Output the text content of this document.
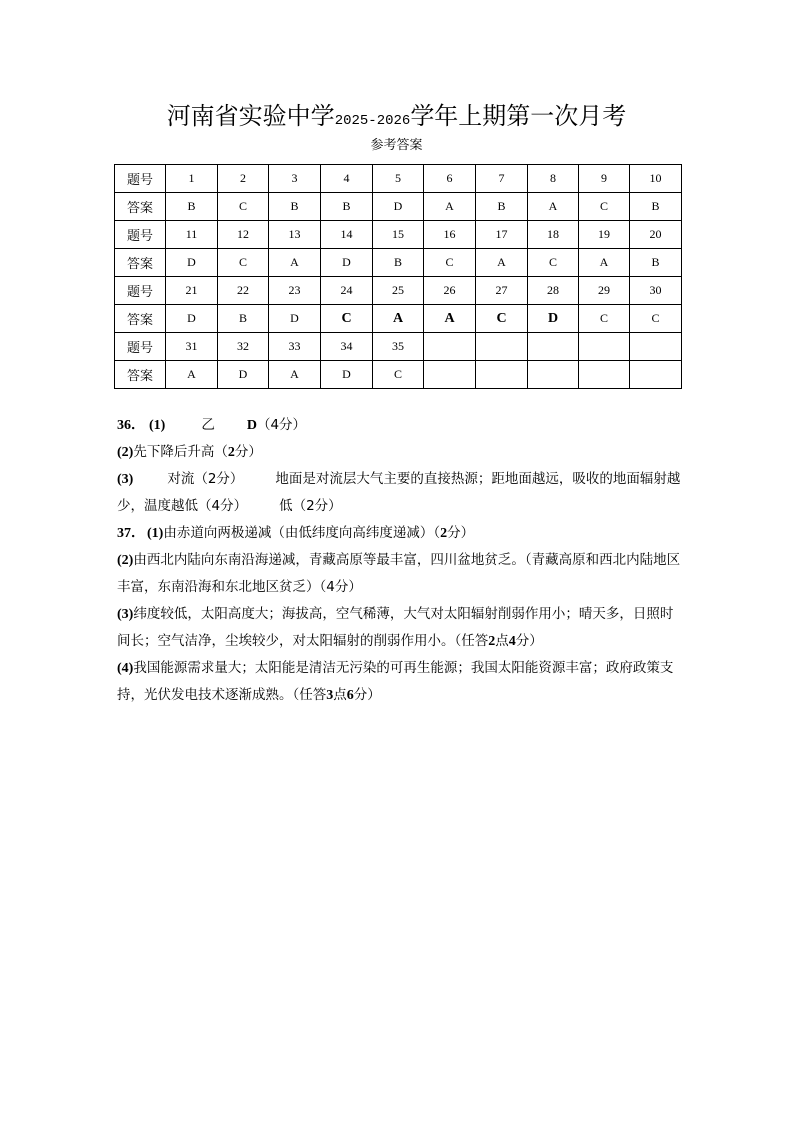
河南省实验中学2025-2026学年上期第一次月考
参考答案
题号	1	2	3	4	5	6	7	8	9	10
答案	B	C	B	B	D	A	B	A	C	B
题号	11	12	13	14	15	16	17	18	19	20
答案	D	C	A	D	B	C	A	C	A	B
题号	21	22	23	24	25	26	27	28	29	30
答案	D	B	D	C	A	A	C	D	C	C
题号	31	32	33	34	35					
答案	A	D	A	D	C					

36． (1)	乙 D（4分）

(2)先下降后升高（2分）

(3)	对流（2分） 地面是对流层大气主要的直接热源；距地面越远，吸收的地面辐射越少，温度越低（4分） 低（2分）

37． (1)由赤道向两极递减（由低纬度向高纬度递减）（2分）

(2)由西北内陆向东南沿海递减，青藏高原等最丰富，四川盆地贫乏。（青藏高原和西北内陆地区丰富，东南沿海和东北地区贫乏）（4分）

(3)纬度较低，太阳高度大；海拔高，空气稀薄，大气对太阳辐射削弱作用小；晴天多，日照时间长；空气洁净，尘埃较少，对太阳辐射的削弱作用小。（任答2点4分）

(4)我国能源需求量大；太阳能是清洁无污染的可再生能源；我国太阳能资源丰富；政府政策支持，光伏发电技术逐渐成熟。（任答3点6分）
